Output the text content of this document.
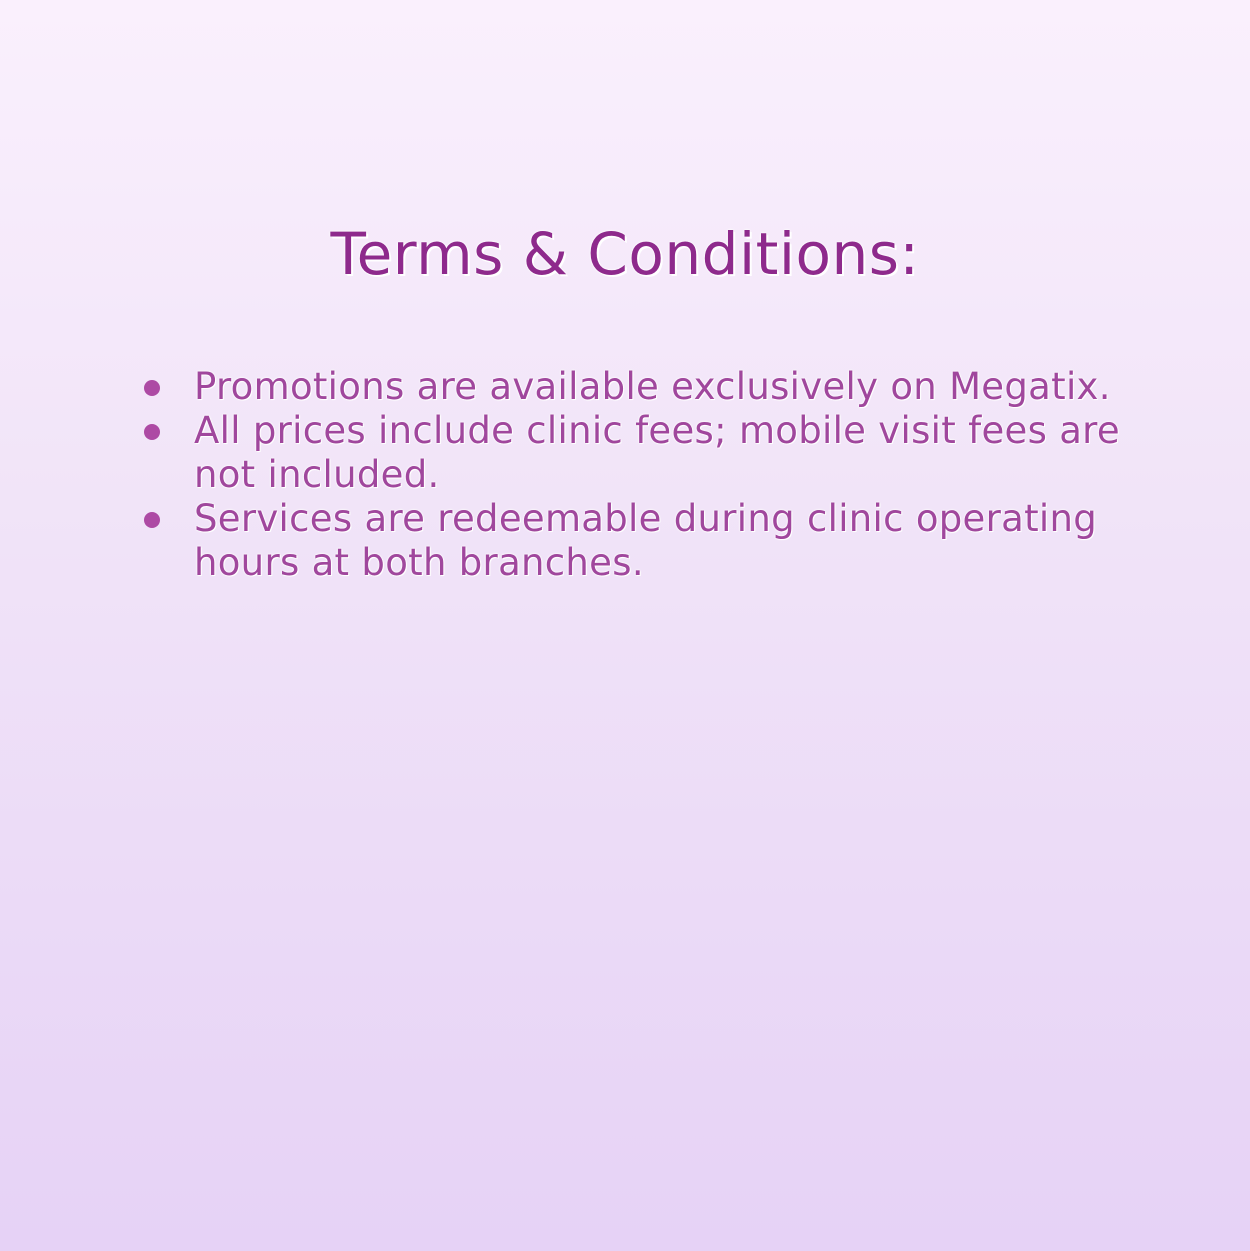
Terms & Conditions:
Promotions are available exclusively on Megatix.
All prices include clinic fees; mobile visit fees are not included.
Services are redeemable during clinic operating hours at both branches.
